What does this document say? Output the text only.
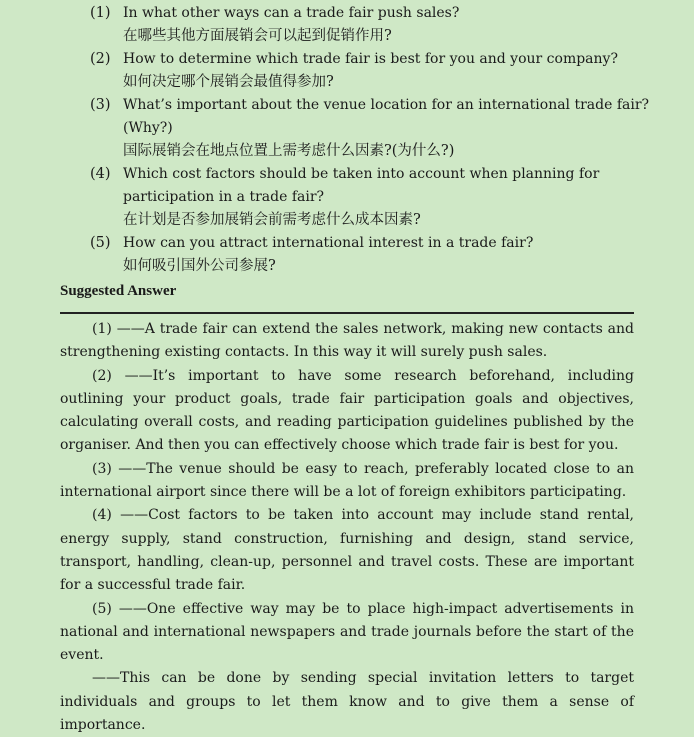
(1) In what other ways can a trade fair push sales?
在哪些其他方面展销会可以起到促销作用?
(2) How to determine which trade fair is best for you and your company?
如何决定哪个展销会最值得参加?
(3) What’s important about the venue location for an international trade fair? (Why?)
国际展销会在地点位置上需考虑什么因素?(为什么?)
(4) Which cost factors should be taken into account when planning for participation in a trade fair?
在计划是否参加展销会前需考虑什么成本因素?
(5) How can you attract international interest in a trade fair?
如何吸引国外公司参展?
Suggested Answer

(1) ——A trade fair can extend the sales network, making new contacts and strengthening existing contacts. In this way it will surely push sales.

(2) ——It’s important to have some research beforehand, including outlining your product goals, trade fair participation goals and objectives, calculating overall costs, and reading participation guidelines published by the organiser. And then you can effectively choose which trade fair is best for you.

(3) ——The venue should be easy to reach, preferably located close to an international airport since there will be a lot of foreign exhibitors participating.

(4) ——Cost factors to be taken into account may include stand rental, energy supply, stand construction, furnishing and design, stand service, transport, handling, clean-up, personnel and travel costs. These are important for a successful trade fair.

(5) ——One effective way may be to place high-impact advertisements in national and international newspapers and trade journals before the start of the event.

——This can be done by sending special invitation letters to target individuals and groups to let them know and to give them a sense of importance.
